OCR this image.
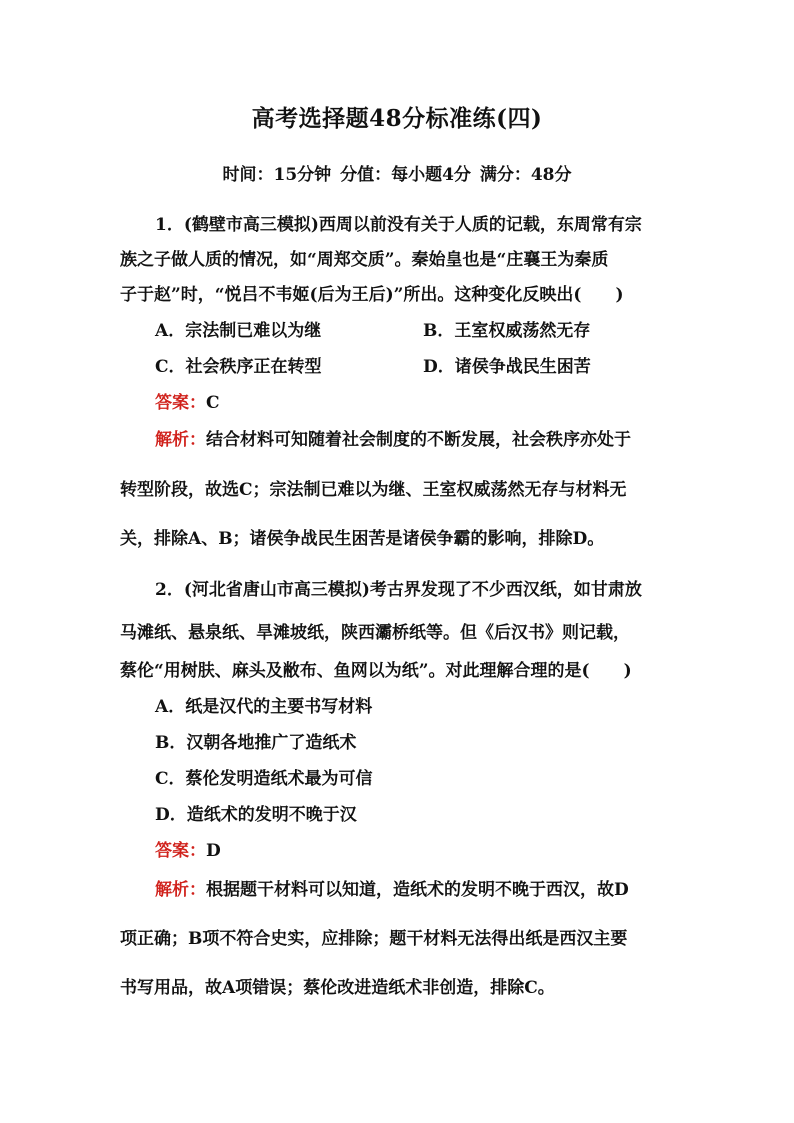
高考选择题48分标准练(四)
时间：15分钟 分值：每小题4分 满分：48分
1．(鹤壁市高三模拟)西周以前没有关于人质的记载，东周常有宗
族之子做人质的情况，如“周郑交质”。秦始皇也是“庄襄王为秦质
子于赵”时，“悦吕不韦姬(后为王后)”所出。这种变化反映出(　　)
A．宗法制已难以为继	B．王室权威荡然无存
C．社会秩序正在转型	D．诸侯争战民生困苦
答案：C
解析：结合材料可知随着社会制度的不断发展，社会秩序亦处于
转型阶段，故选C；宗法制已难以为继、王室权威荡然无存与材料无
关，排除A、B；诸侯争战民生困苦是诸侯争霸的影响，排除D。
2．(河北省唐山市高三模拟)考古界发现了不少西汉纸，如甘肃放
马滩纸、悬泉纸、旱滩坡纸，陕西灞桥纸等。但《后汉书》则记载，
蔡伦“用树肤、麻头及敝布、鱼网以为纸”。对此理解合理的是(　　)
A．纸是汉代的主要书写材料
B．汉朝各地推广了造纸术
C．蔡伦发明造纸术最为可信
D．造纸术的发明不晚于汉
答案：D
解析：根据题干材料可以知道，造纸术的发明不晚于西汉，故D
项正确；B项不符合史实，应排除；题干材料无法得出纸是西汉主要
书写用品，故A项错误；蔡伦改进造纸术非创造，排除C。
